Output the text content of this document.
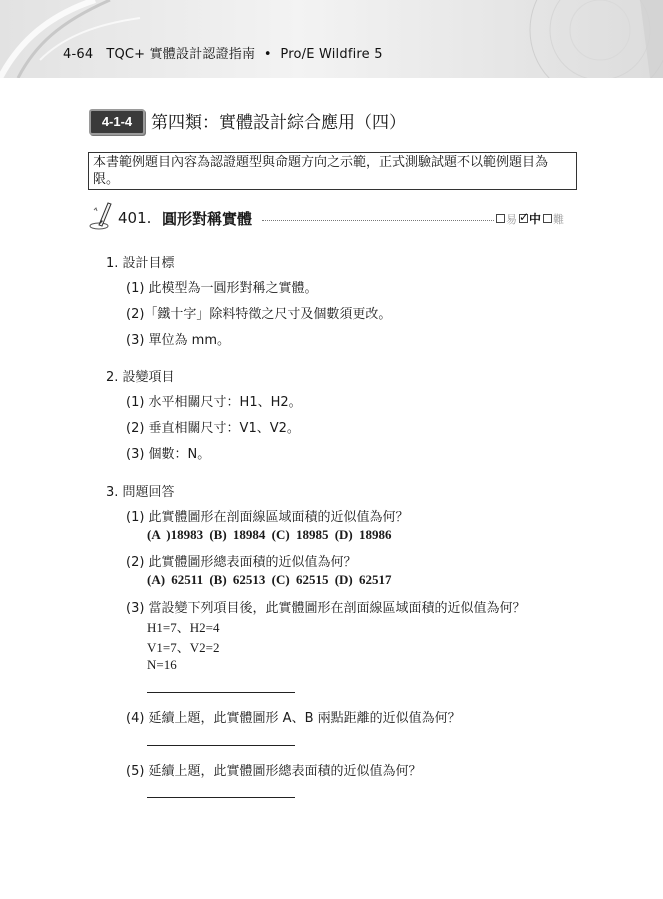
4-64 TQC+ 實體設計認證指南 • Pro/E Wildfire 5
4-1-4	第四類：實體設計綜合應用（四）
本書範例題目內容為認證題型與命題方向之示範，正式測驗試題不以範例題目為限。
401. 圓形對稱實體	易
✓ 中 難
1. 設計目標
(1) 此模型為一圓形對稱之實體。
(2)「鐵十字」除料特徵之尺寸及個數須更改。
(3) 單位為 mm。
2. 設變項目
(1) 水平相關尺寸：H1、H2。
(2) 垂直相關尺寸：V1、V2。
(3) 個數：N。
3. 問題回答
(1) 此實體圖形在剖面線區域面積的近似值為何？
(A )18983 (B) 18984 (C) 18985 (D) 18986
(2) 此實體圖形總表面積的近似值為何？
(A) 62511 (B) 62513 (C) 62515 (D) 62517
(3) 當設變下列項目後，此實體圖形在剖面線區域面積的近似值為何？
H1=7、H2=4
V1=7、V2=2
N=16
(4) 延續上題，此實體圖形 A、B 兩點距離的近似值為何？
(5) 延續上題，此實體圖形總表面積的近似值為何？
